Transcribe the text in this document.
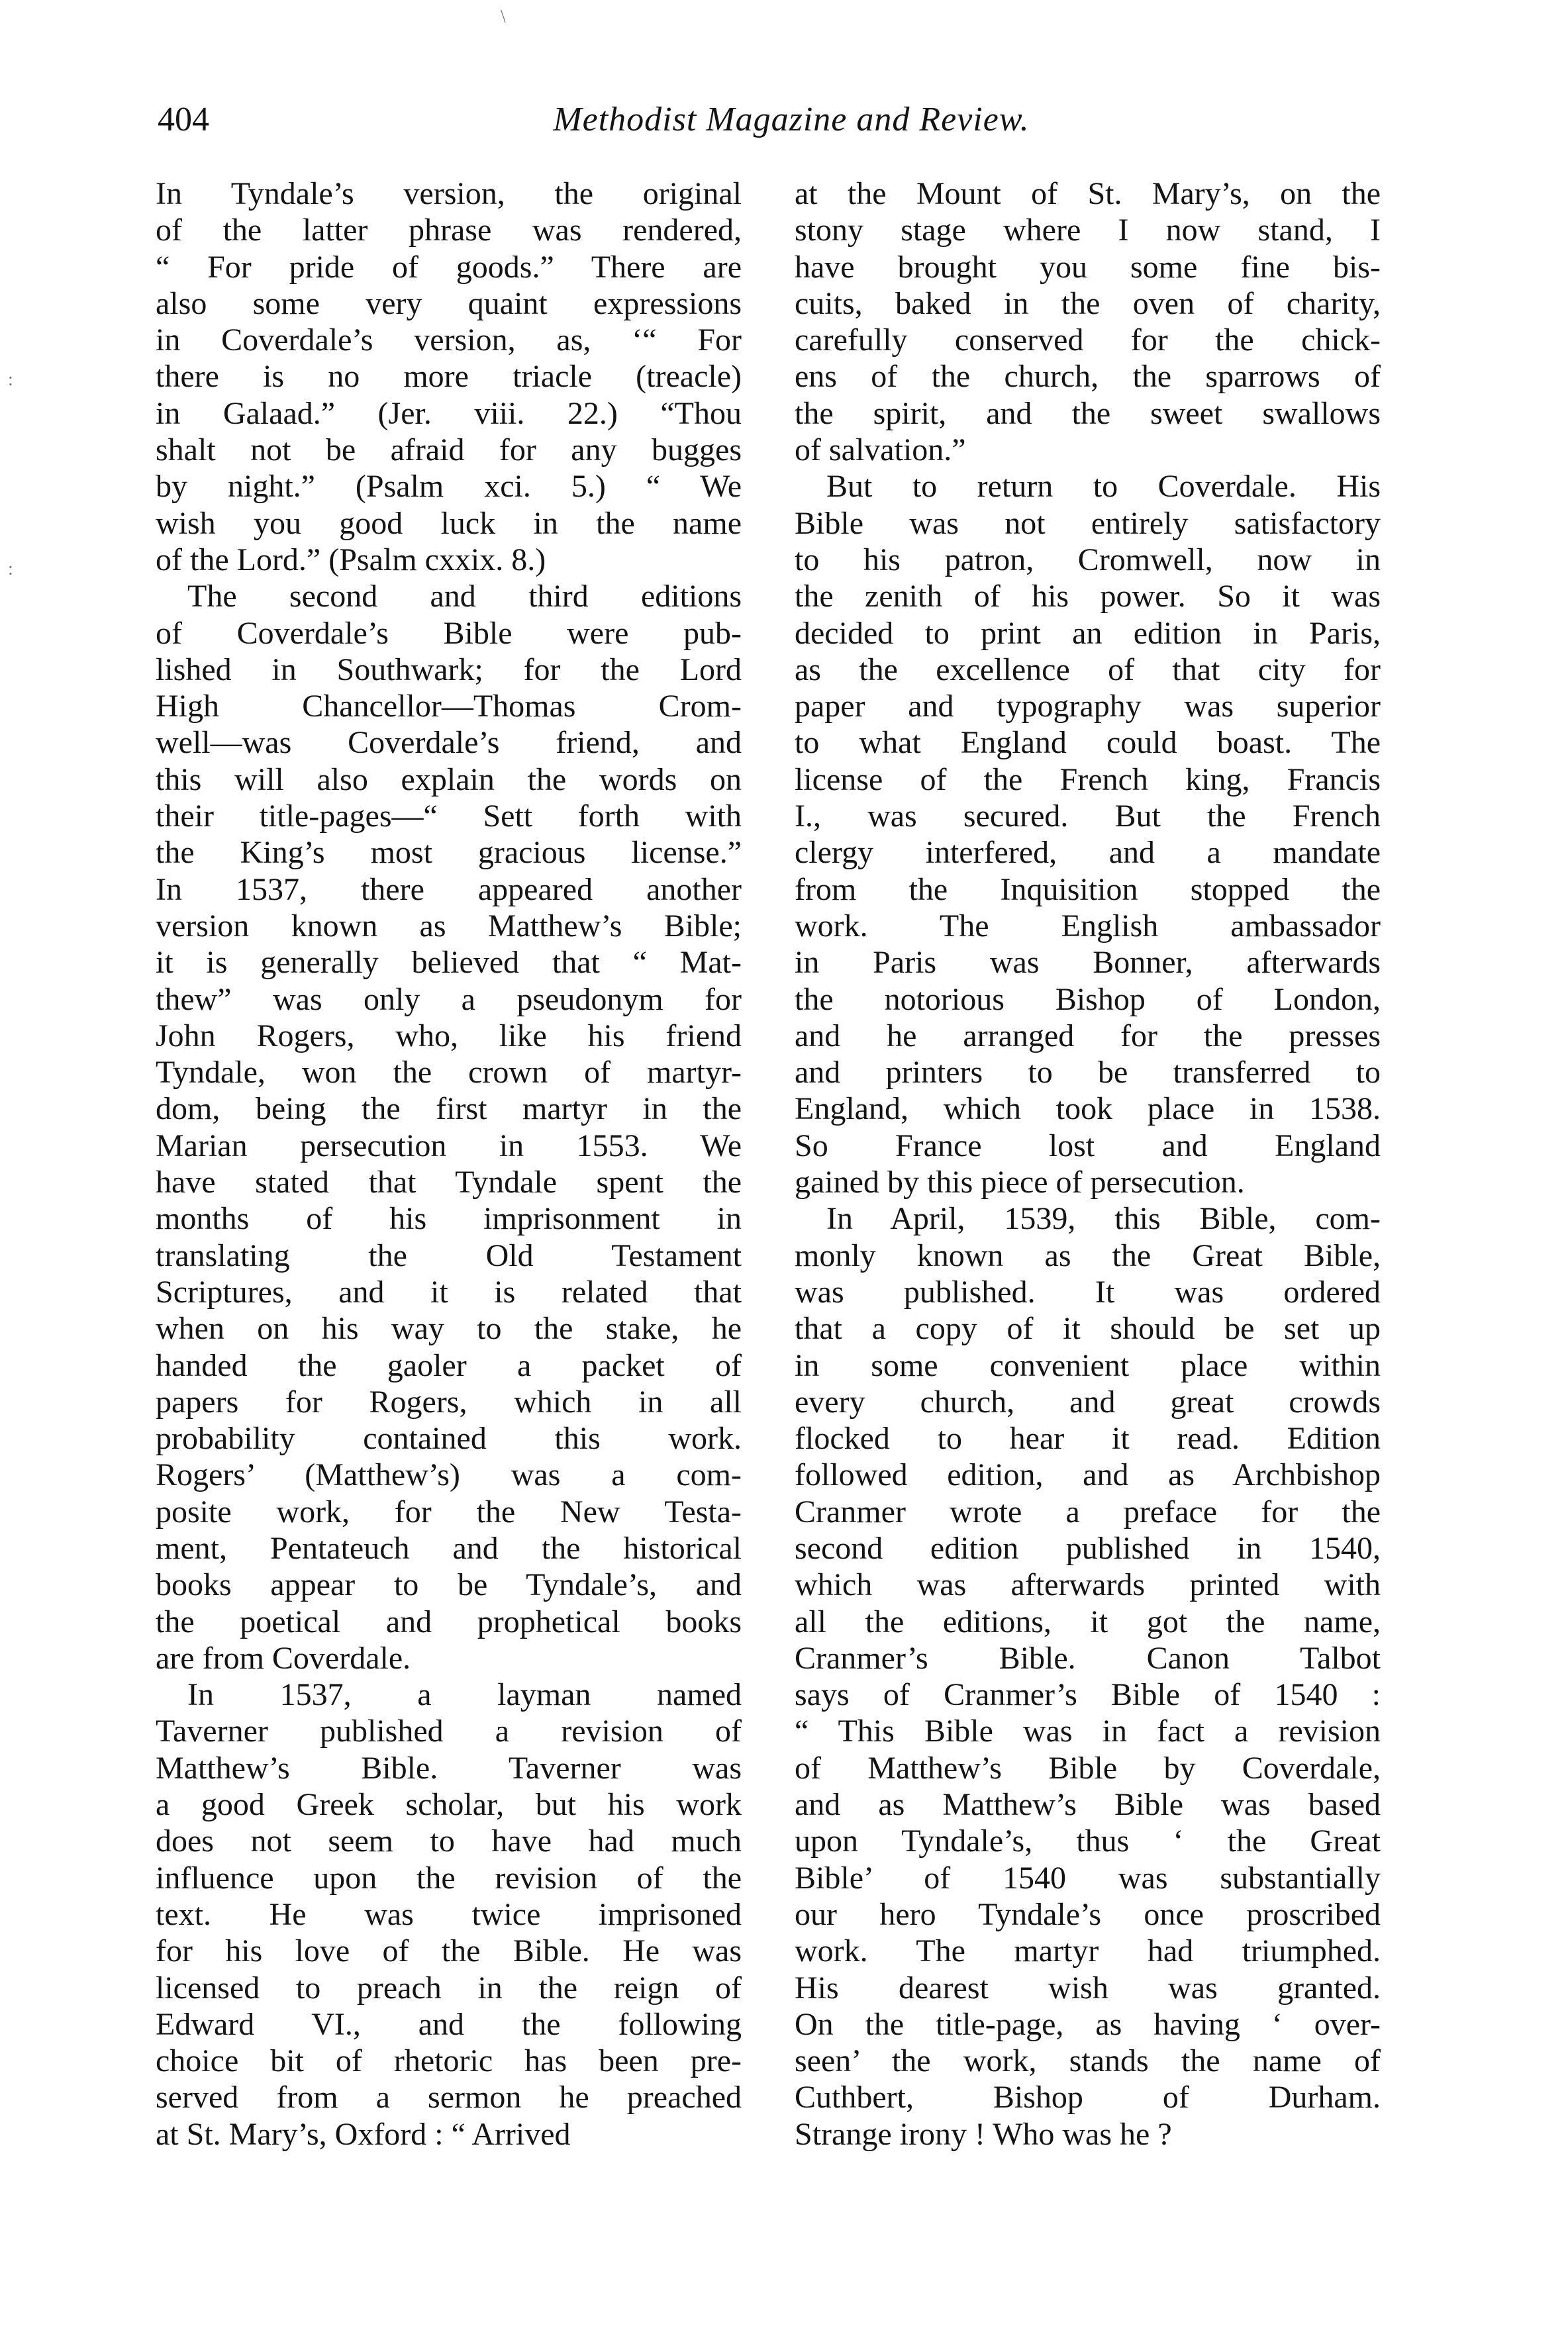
\
:
:
404	Methodist Magazine and Review.
In Tyndale’s version, the original
of the latter phrase was rendered,
“ For pride of goods.” There are
also some very quaint expressions
in Coverdale’s version, as, ‘“ For
there is no more triacle (treacle)
in Galaad.” (Jer. viii. 22.) “Thou
shalt not be afraid for any bugges
by night.” (Psalm xci. 5.) “ We
wish you good luck in the name
of the Lord.” (Psalm cxxix. 8.)
The second and third editions
of Coverdale’s Bible were pub-
lished in Southwark; for the Lord
High Chancellor—Thomas Crom-
well—was Coverdale’s friend, and
this will also explain the words on
their title-pages—“ Sett forth with
the King’s most gracious license.”
In 1537, there appeared another
version known as Matthew’s Bible;
it is generally believed that “ Mat-
thew” was only a pseudonym for
John Rogers, who, like his friend
Tyndale, won the crown of martyr-
dom, being the first martyr in the
Marian persecution in 1553. We
have stated that Tyndale spent the
months of his imprisonment in
translating the Old Testament
Scriptures, and it is related that
when on his way to the stake, he
handed the gaoler a packet of
papers for Rogers, which in all
probability contained this work.
Rogers’ (Matthew’s) was a com-
posite work, for the New Testa-
ment, Pentateuch and the historical
books appear to be Tyndale’s, and
the poetical and prophetical books
are from Coverdale.
In 1537, a layman named
Taverner published a revision of
Matthew’s Bible. Taverner was
a good Greek scholar, but his work
does not seem to have had much
influence upon the revision of the
text. He was twice imprisoned
for his love of the Bible. He was
licensed to preach in the reign of
Edward VI., and the following
choice bit of rhetoric has been pre-
served from a sermon he preached
at St. Mary’s, Oxford : “ Arrived
at the Mount of St. Mary’s, on the
stony stage where I now stand, I
have brought you some fine bis-
cuits, baked in the oven of charity,
carefully conserved for the chick-
ens of the church, the sparrows of
the spirit, and the sweet swallows
of salvation.”
But to return to Coverdale. His
Bible was not entirely satisfactory
to his patron, Cromwell, now in
the zenith of his power. So it was
decided to print an edition in Paris,
as the excellence of that city for
paper and typography was superior
to what England could boast. The
license of the French king, Francis
I., was secured. But the French
clergy interfered, and a mandate
from the Inquisition stopped the
work. The English ambassador
in Paris was Bonner, afterwards
the notorious Bishop of London,
and he arranged for the presses
and printers to be transferred to
England, which took place in 1538.
So France lost and England
gained by this piece of persecution.
In April, 1539, this Bible, com-
monly known as the Great Bible,
was published. It was ordered
that a copy of it should be set up
in some convenient place within
every church, and great crowds
flocked to hear it read. Edition
followed edition, and as Archbishop
Cranmer wrote a preface for the
second edition published in 1540,
which was afterwards printed with
all the editions, it got the name,
Cranmer’s Bible. Canon Talbot
says of Cranmer’s Bible of 1540 :
“ This Bible was in fact a revision
of Matthew’s Bible by Coverdale,
and as Matthew’s Bible was based
upon Tyndale’s, thus ‘ the Great
Bible’ of 1540 was substantially
our hero Tyndale’s once proscribed
work. The martyr had triumphed.
His dearest wish was granted.
On the title-page, as having ‘ over-
seen’ the work, stands the name of
Cuthbert, Bishop of Durham.
Strange irony ! Who was he ?
